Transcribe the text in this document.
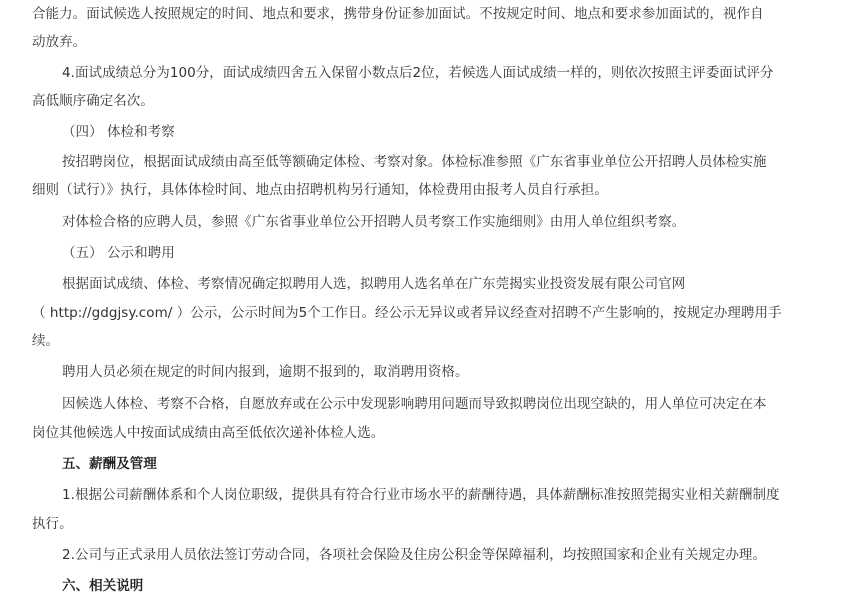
合能力。面试候选人按照规定的时间、地点和要求，携带身份证参加面试。不按规定时间、地点和要求参加面试的，视作自
动放弃。
4.面试成绩总分为100分，面试成绩四舍五入保留小数点后2位，若候选人面试成绩一样的，则依次按照主评委面试评分
高低顺序确定名次。
（四） 体检和考察
按招聘岗位，根据面试成绩由高至低等额确定体检、考察对象。体检标准参照《广东省事业单位公开招聘人员体检实施
细则（试行）》执行，具体体检时间、地点由招聘机构另行通知，体检费用由报考人员自行承担。
对体检合格的应聘人员，参照《广东省事业单位公开招聘人员考察工作实施细则》由用人单位组织考察。
（五） 公示和聘用
根据面试成绩、体检、考察情况确定拟聘用人选，拟聘用人选名单在广东莞揭实业投资发展有限公司官网
（ http://gdgjsy.com/ ）公示，公示时间为5个工作日。经公示无异议或者异议经查对招聘不产生影响的，按规定办理聘用手
续。
聘用人员必须在规定的时间内报到，逾期不报到的，取消聘用资格。
因候选人体检、考察不合格，自愿放弃或在公示中发现影响聘用问题而导致拟聘岗位出现空缺的，用人单位可决定在本
岗位其他候选人中按面试成绩由高至低依次递补体检人选。
五、薪酬及管理
1.根据公司薪酬体系和个人岗位职级，提供具有符合行业市场水平的薪酬待遇，具体薪酬标准按照莞揭实业相关薪酬制度
执行。
2.公司与正式录用人员依法签订劳动合同，各项社会保险及住房公积金等保障福利，均按照国家和企业有关规定办理。
六、相关说明
